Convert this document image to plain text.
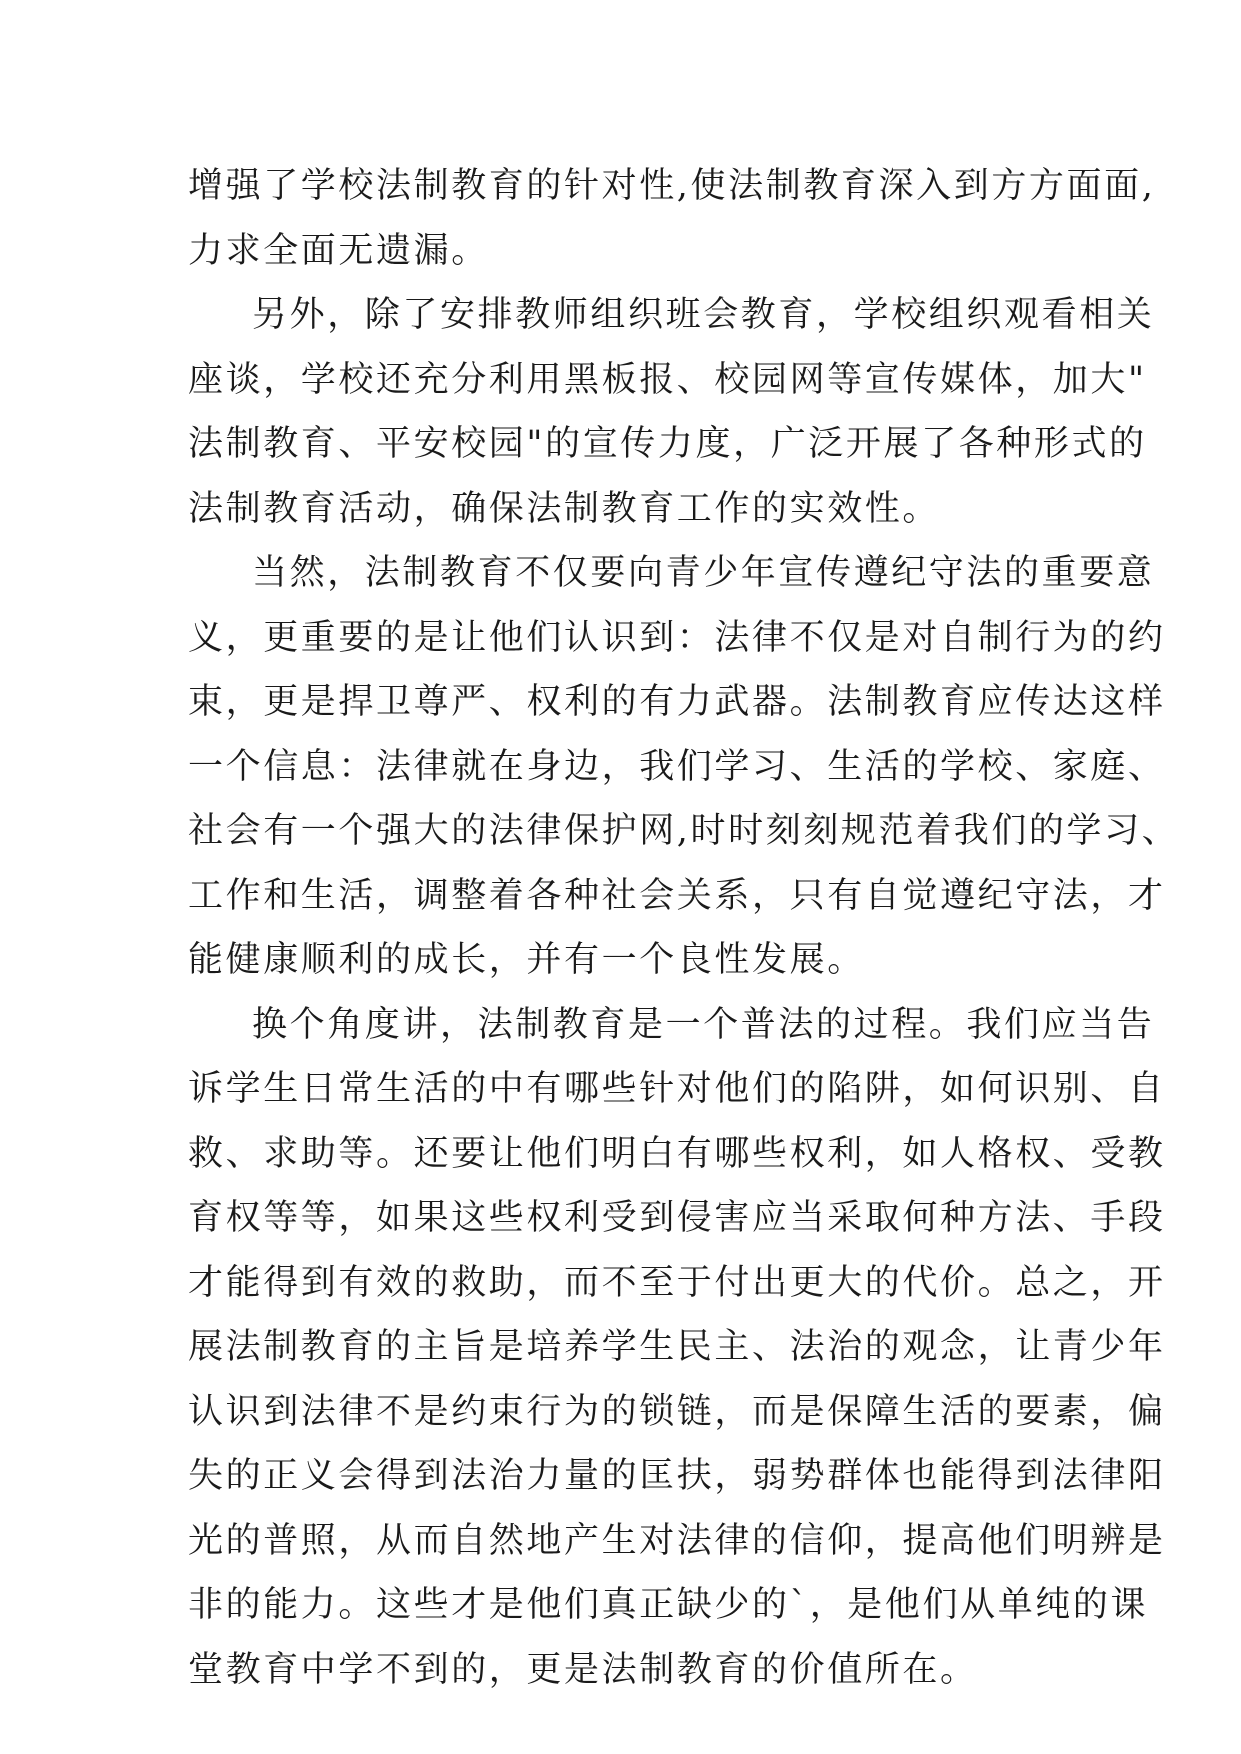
增强了学校法制教育的针对性,使法制教育深入到方方面面,
力求全面无遗漏。
另外，除了安排教师组织班会教育，学校组织观看相关
座谈，学校还充分利用黑板报、校园网等宣传媒体，加大"
法制教育、平安校园"的宣传力度，广泛开展了各种形式的
法制教育活动，确保法制教育工作的实效性。
当然，法制教育不仅要向青少年宣传遵纪守法的重要意
义，更重要的是让他们认识到：法律不仅是对自制行为的约
束，更是捍卫尊严、权利的有力武器。法制教育应传达这样
一个信息：法律就在身边，我们学习、生活的学校、家庭、
社会有一个强大的法律保护网,时时刻刻规范着我们的学习、
工作和生活，调整着各种社会关系，只有自觉遵纪守法，才
能健康顺利的成长，并有一个良性发展。
换个角度讲，法制教育是一个普法的过程。我们应当告
诉学生日常生活的中有哪些针对他们的陷阱，如何识别、自
救、求助等。还要让他们明白有哪些权利，如人格权、受教
育权等等，如果这些权利受到侵害应当采取何种方法、手段
才能得到有效的救助，而不至于付出更大的代价。总之，开
展法制教育的主旨是培养学生民主、法治的观念，让青少年
认识到法律不是约束行为的锁链，而是保障生活的要素，偏
失的正义会得到法治力量的匡扶，弱势群体也能得到法律阳
光的普照，从而自然地产生对法律的信仰，提高他们明辨是
非的能力。这些才是他们真正缺少的`，是他们从单纯的课
堂教育中学不到的，更是法制教育的价值所在。
